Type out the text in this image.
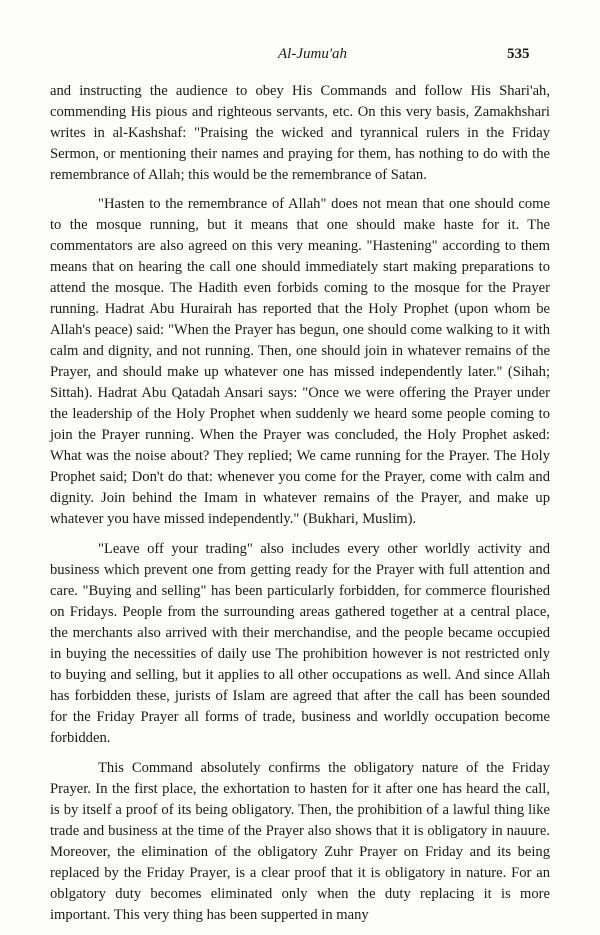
Al-Jumu'ah	535

and instructing the audience to obey His Commands and follow His Shari'ah, commending His pious and righteous servants, etc. On this very basis, Zamakhshari writes in al-Kashshaf: "Praising the wicked and tyrannical rulers in the Friday Sermon, or mentioning their names and praying for them, has nothing to do with the remembrance of Allah; this would be the remembrance of Satan.

"Hasten to the remembrance of Allah" does not mean that one should come to the mosque running, but it means that one should make haste for it. The commentators are also agreed on this very meaning. "Hastening" according to them means that on hearing the call one should immediately start making preparations to attend the mosque. The Hadith even forbids coming to the mosque for the Prayer running. Hadrat Abu Hurairah has reported that the Holy Prophet (upon whom be Allah's peace) said: "When the Prayer has begun, one should come walking to it with calm and dignity, and not running. Then, one should join in whatever remains of the Prayer, and should make up whatever one has missed independently later." (Sihah; Sittah). Hadrat Abu Qatadah Ansari says: "Once we were offering the Prayer under the leadership of the Holy Prophet when suddenly we heard some people coming to join the Prayer running. When the Prayer was concluded, the Holy Prophet asked: What was the noise about? They replied; We came running for the Prayer. The Holy Prophet said; Don't do that: whenever you come for the Prayer, come with calm and dignity. Join behind the Imam in whatever remains of the Prayer, and make up whatever you have missed independently." (Bukhari, Muslim).

"Leave off your trading" also includes every other worldly activity and business which prevent one from getting ready for the Prayer with full attention and care. "Buying and selling" has been particularly forbidden, for commerce flourished on Fridays. People from the surrounding areas gathered together at a central place, the merchants also arrived with their merchandise, and the people became occupied in buying the necessities of daily use The prohibition however is not restricted only to buying and selling, but it applies to all other occupations as well. And since Allah has forbidden these, jurists of Islam are agreed that after the call has been sounded for the Friday Prayer all forms of trade, business and worldly occupation become forbidden.

This Command absolutely confirms the obligatory nature of the Friday Prayer. In the first place, the exhortation to hasten for it after one has heard the call, is by itself a proof of its being obligatory. Then, the prohibition of a lawful thing like trade and business at the time of the Prayer also shows that it is obligatory in nauure. Moreover, the elimination of the obligatory Zuhr Prayer on Friday and its being replaced by the Friday Prayer, is a clear proof that it is obligatory in nature. For an oblgatory duty becomes eliminated only when the duty replacing it is more important. This very thing has been supperted in many
